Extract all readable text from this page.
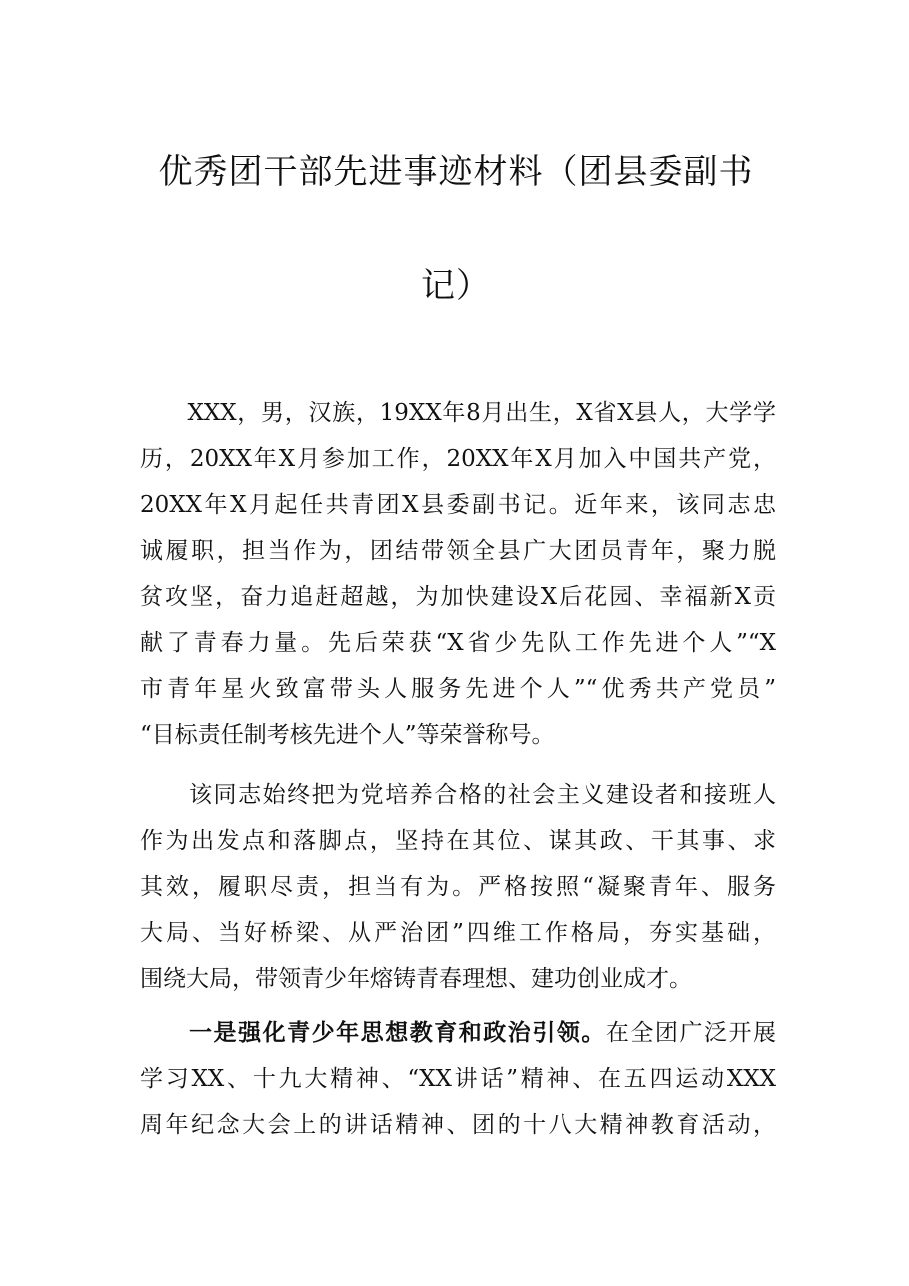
优秀团干部先进事迹材料（团县委副书
记）
　　XXX，男，汉族，19XX年8月出生，X省X县人，大学学
历，20XX年X月参加工作，20XX年X月加入中国共产党，
20XX年X月起任共青团X县委副书记。近年来，该同志忠
诚履职，担当作为，团结带领全县广大团员青年，聚力脱
贫攻坚，奋力追赶超越，为加快建设X后花园、幸福新X贡
献了青春力量。先后荣获“X省少先队工作先进个人”“X
市青年星火致富带头人服务先进个人”“优秀共产党员”
“目标责任制考核先进个人”等荣誉称号。
　　该同志始终把为党培养合格的社会主义建设者和接班人
作为出发点和落脚点，坚持在其位、谋其政、干其事、求
其效，履职尽责，担当有为。严格按照“凝聚青年、服务
大局、当好桥梁、从严治团”四维工作格局，夯实基础，
围绕大局，带领青少年熔铸青春理想、建功创业成才。
　　一是强化青少年思想教育和政治引领。在全团广泛开展
学习XX、十九大精神、“XX讲话”精神、在五四运动XXX
周年纪念大会上的讲话精神、团的十八大精神教育活动，
